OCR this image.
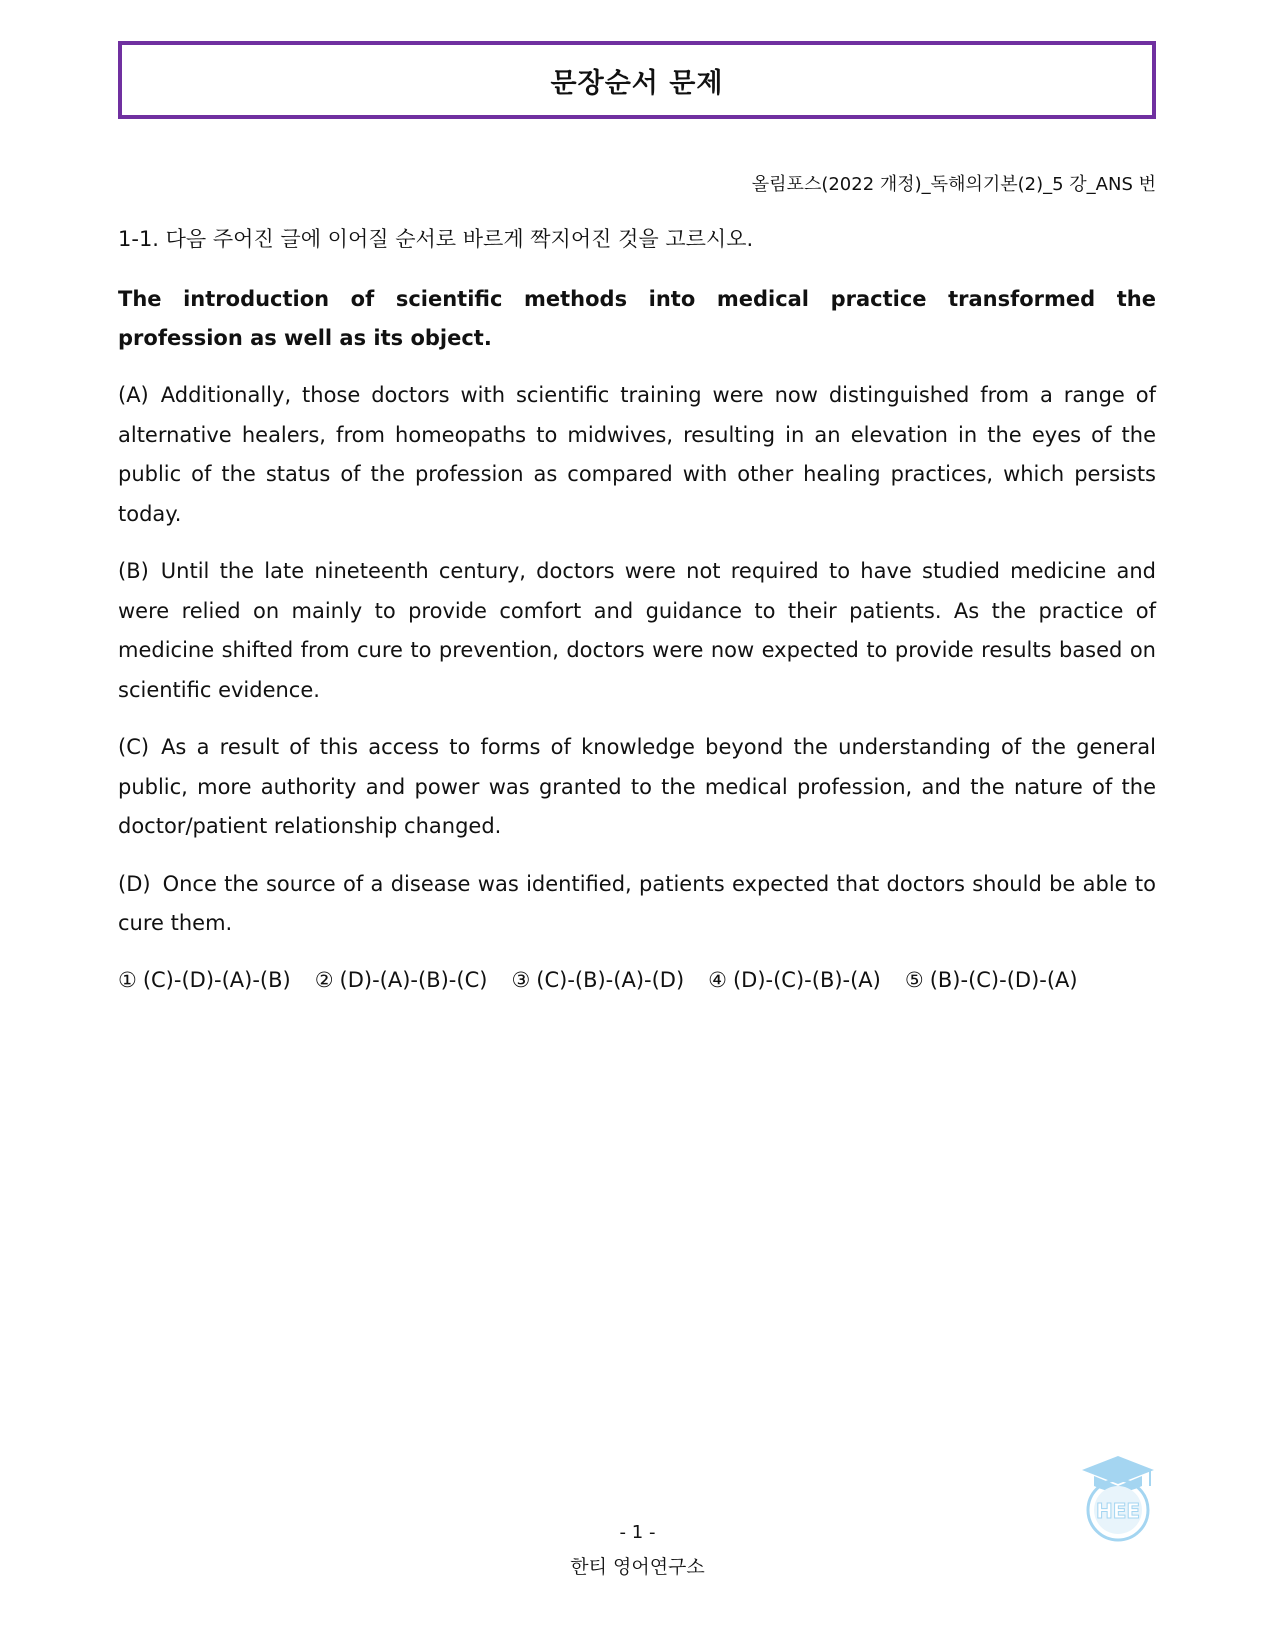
문장순서 문제
올림포스(2022 개정)_독해의기본(2)_5 강_ANS 번
1-1. 다음 주어진 글에 이어질 순서로 바르게 짝지어진 것을 고르시오.

The introduction of scientific methods into medical practice transformed the profession as well as its object.

(A) Additionally, those doctors with scientific training were now distinguished from a range of alternative healers, from homeopaths to midwives, resulting in an elevation in the eyes of the public of the status of the profession as compared with other healing practices, which persists today.

(B) Until the late nineteenth century, doctors were not required to have studied medicine and were relied on mainly to provide comfort and guidance to their patients. As the practice of medicine shifted from cure to prevention, doctors were now expected to provide results based on scientific evidence.

(C) As a result of this access to forms of knowledge beyond the understanding of the general public, more authority and power was granted to the medical profession, and the nature of the doctor/patient relationship changed.

(D) Once the source of a disease was identified, patients expected that doctors should be able to cure them.

① (C)-(D)-(A)-(B) ② (D)-(A)-(B)-(C) ③ (C)-(B)-(A)-(D) ④ (D)-(C)-(B)-(A) ⑤ (B)-(C)-(D)-(A)
HEE
- 1 -
한티 영어연구소
